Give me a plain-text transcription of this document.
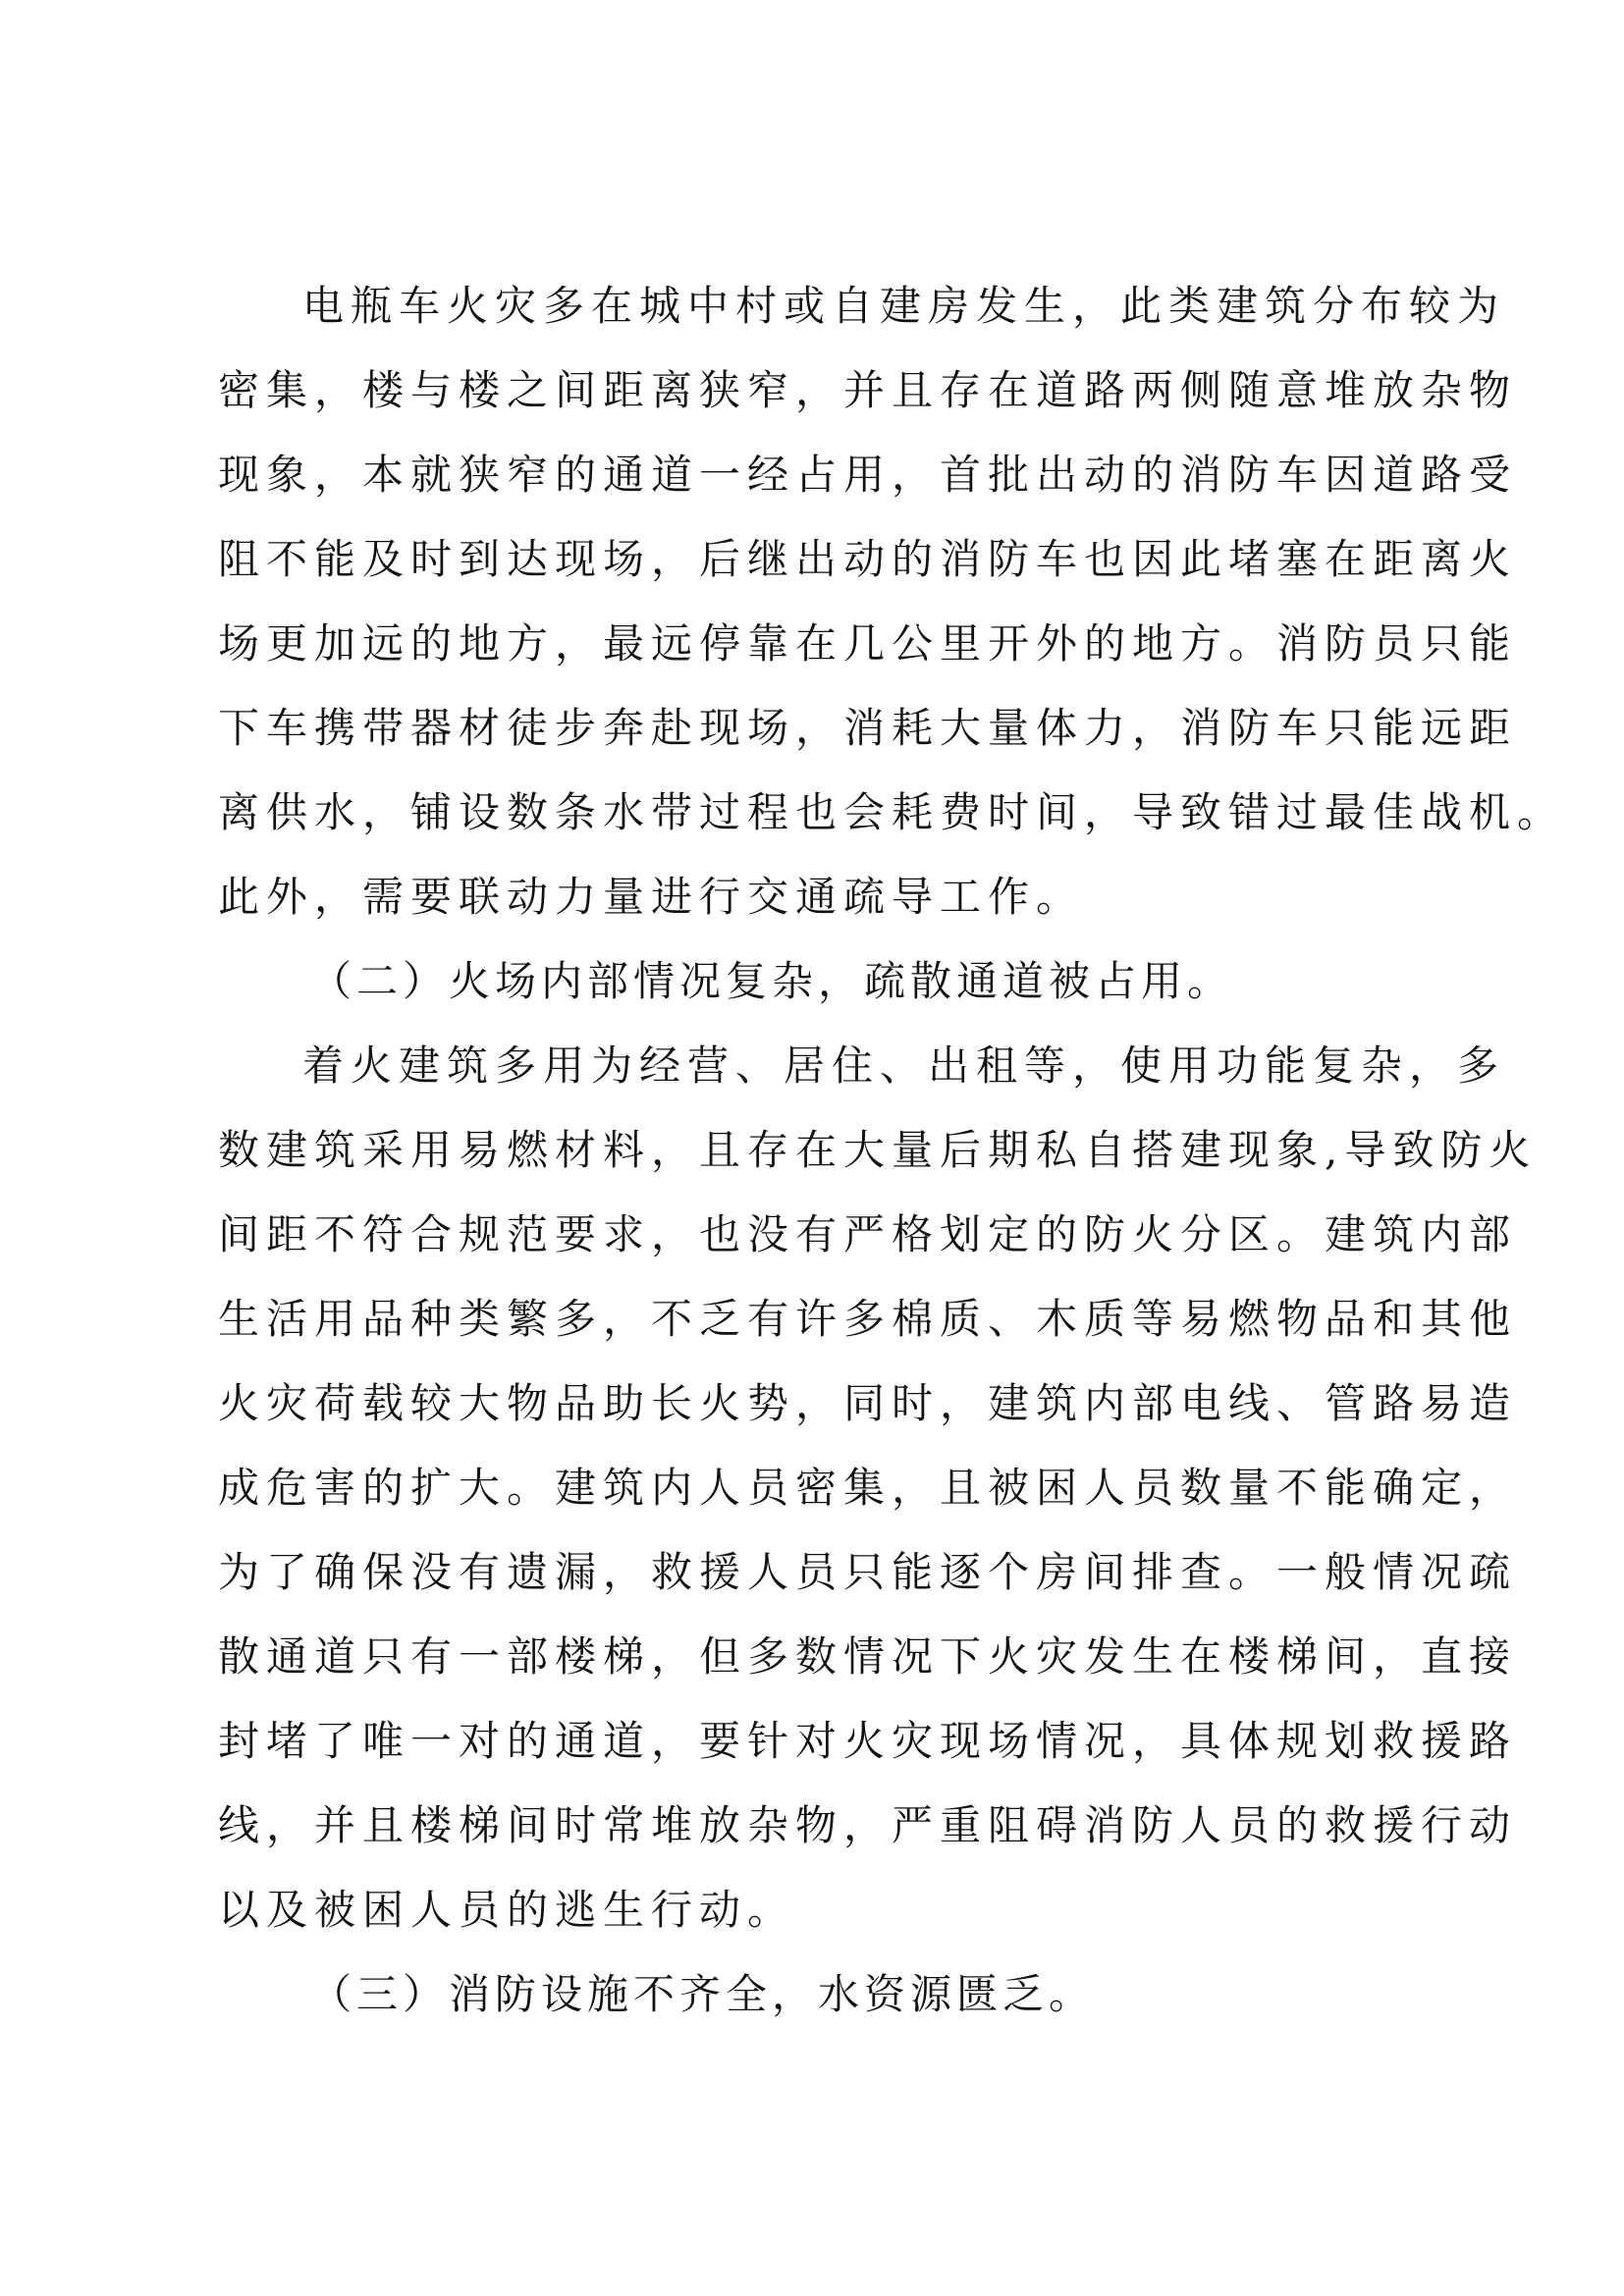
电瓶车火灾多在城中村或自建房发生，此类建筑分布较为
密集，楼与楼之间距离狭窄，并且存在道路两侧随意堆放杂物
现象，本就狭窄的通道一经占用，首批出动的消防车因道路受
阻不能及时到达现场，后继出动的消防车也因此堵塞在距离火
场更加远的地方，最远停靠在几公里开外的地方。消防员只能
下车携带器材徒步奔赴现场，消耗大量体力，消防车只能远距
离供水，铺设数条水带过程也会耗费时间，导致错过最佳战机。
此外，需要联动力量进行交通疏导工作。
（二）火场内部情况复杂，疏散通道被占用。
着火建筑多用为经营、居住、出租等，使用功能复杂，多
数建筑采用易燃材料，且存在大量后期私自搭建现象,导致防火
间距不符合规范要求，也没有严格划定的防火分区。建筑内部
生活用品种类繁多，不乏有许多棉质、木质等易燃物品和其他
火灾荷载较大物品助长火势，同时，建筑内部电线、管路易造
成危害的扩大。建筑内人员密集，且被困人员数量不能确定，
为了确保没有遗漏，救援人员只能逐个房间排查。一般情况疏
散通道只有一部楼梯，但多数情况下火灾发生在楼梯间，直接
封堵了唯一对的通道，要针对火灾现场情况，具体规划救援路
线，并且楼梯间时常堆放杂物，严重阻碍消防人员的救援行动
以及被困人员的逃生行动。
（三）消防设施不齐全，水资源匮乏。
